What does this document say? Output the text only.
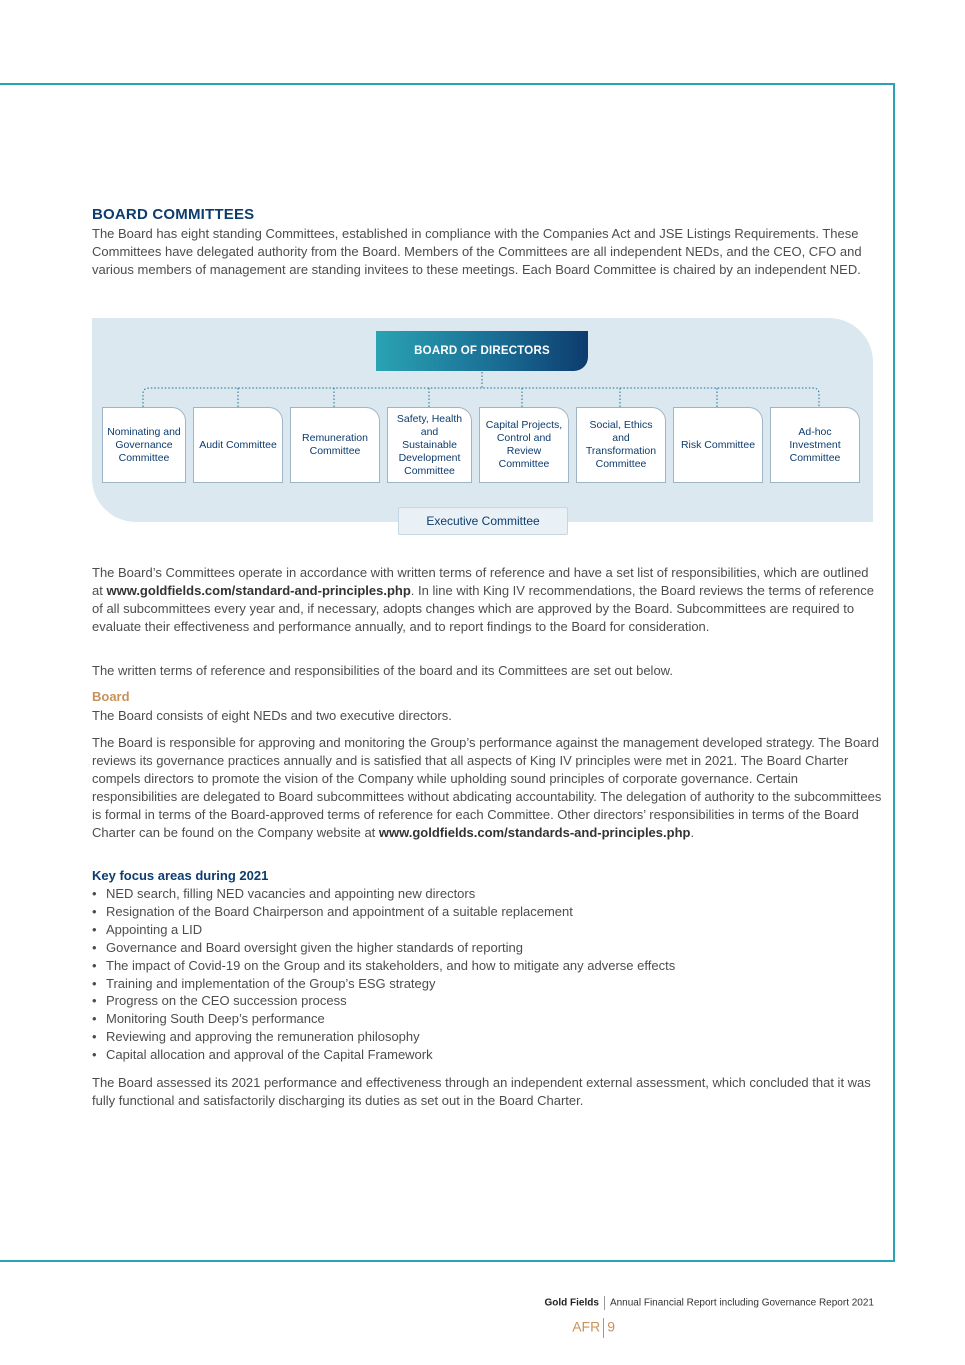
BOARD COMMITTEES

The Board has eight standing Committees, established in compliance with the Companies Act and JSE Listings Requirements. These Committees have delegated authority from the Board. Members of the Committees are all independent NEDs, and the CEO, CFO and various members of management are standing invitees to these meetings. Each Board Committee is chaired by an independent NED.

BOARD OF DIRECTORS
Nominating and Governance Committee
Audit Committee
Remuneration Committee
Safety, Health and Sustainable Development Committee
Capital Projects, Control and Review Committee
Social, Ethics and Transformation Committee
Risk Committee
Ad-hoc Investment Committee
Executive Committee

The Board’s Committees operate in accordance with written terms of reference and have a set list of responsibilities, which are outlined at www.goldfields.com/standard-and-principles.php. In line with King IV recommendations, the Board reviews the terms of reference of all subcommittees every year and, if necessary, adopts changes which are approved by the Board. Subcommittees are required to evaluate their effectiveness and performance annually, and to report findings to the Board for consideration.

The written terms of reference and responsibilities of the board and its Committees are set out below.

Board

The Board consists of eight NEDs and two executive directors.

The Board is responsible for approving and monitoring the Group’s performance against the management developed strategy. The Board reviews its governance practices annually and is satisfied that all aspects of King IV principles were met in 2021. The Board Charter compels directors to promote the vision of the Company while upholding sound principles of corporate governance. Certain responsibilities are delegated to Board subcommittees without abdicating accountability. The delegation of authority to the subcommittees is formal in terms of the Board-approved terms of reference for each Committee. Other directors’ responsibilities in terms of the Board Charter can be found on the Company website at www.goldfields.com/standards-and-principles.php.

Key focus areas during 2021
• NED search, filling NED vacancies and appointing new directors
• Resignation of the Board Chairperson and appointment of a suitable replacement
• Appointing a LID
• Governance and Board oversight given the higher standards of reporting
• The impact of Covid-19 on the Group and its stakeholders, and how to mitigate any adverse effects
• Training and implementation of the Group’s ESG strategy
• Progress on the CEO succession process
• Monitoring South Deep’s performance
• Reviewing and approving the remuneration philosophy
• Capital allocation and approval of the Capital Framework

The Board assessed its 2021 performance and effectiveness through an independent external assessment, which concluded that it was fully functional and satisfactorily discharging its duties as set out in the Board Charter.

Gold Fields Annual Financial Report including Governance Report 2021
AFR 9
